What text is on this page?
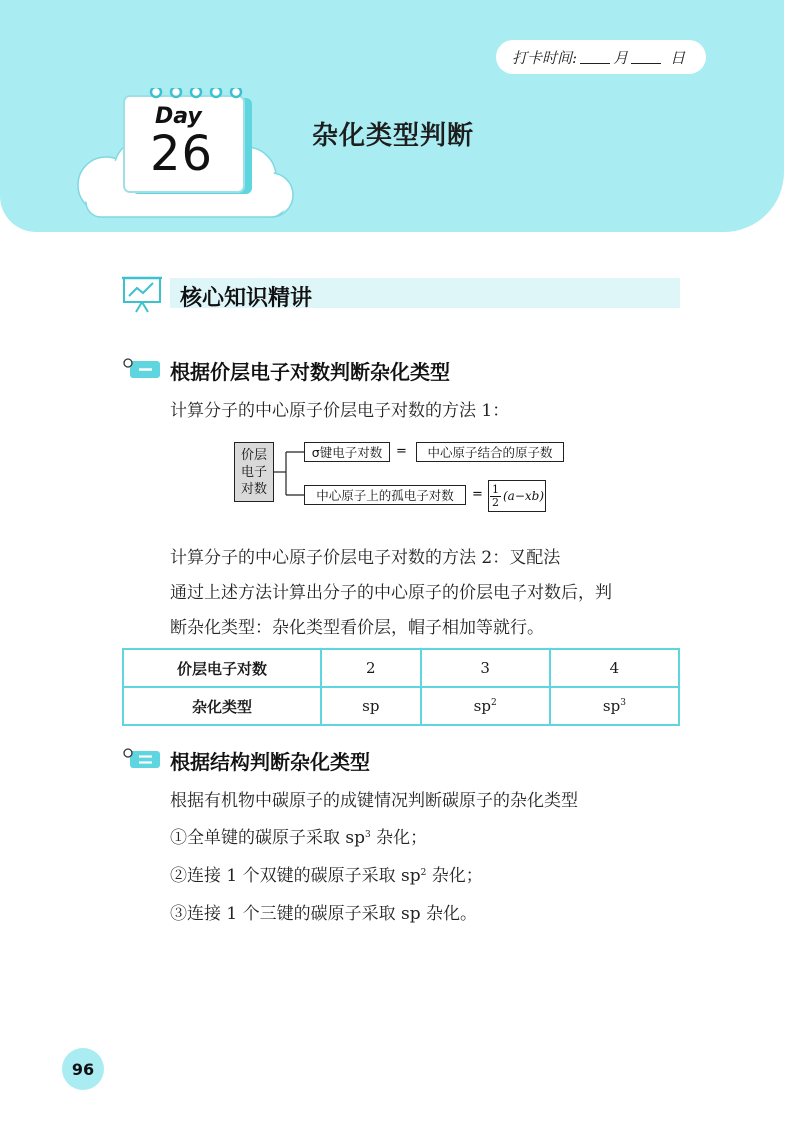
打卡时间: 月	日
Day
26	杂化类型判断
核心知识精讲
根据价层电子对数判断杂化类型
计算分子的中心原子价层电子对数的方法 1：
价层
电子
对数
σ键电子对数	=	中心原子结合的原子数
中心原子上的孤电子对数	= $\frac{1}{2} (a-xb)$
计算分子的中心原子价层电子对数的方法 2：叉配法
通过上述方法计算出分子的中心原子的价层电子对数后，判
断杂化类型：杂化类型看价层，帽子相加等就行。
价层电子对数	2	3	4
杂化类型	sp	$sp^2$	$sp^3$
根据结构判断杂化类型
根据有机物中碳原子的成键情况判断碳原子的杂化类型
①全单键的碳原子采取 $sp^3$ 杂化；
②连接 1 个双键的碳原子采取 $sp^2$ 杂化；
③连接 1 个三键的碳原子采取 sp 杂化。
96
